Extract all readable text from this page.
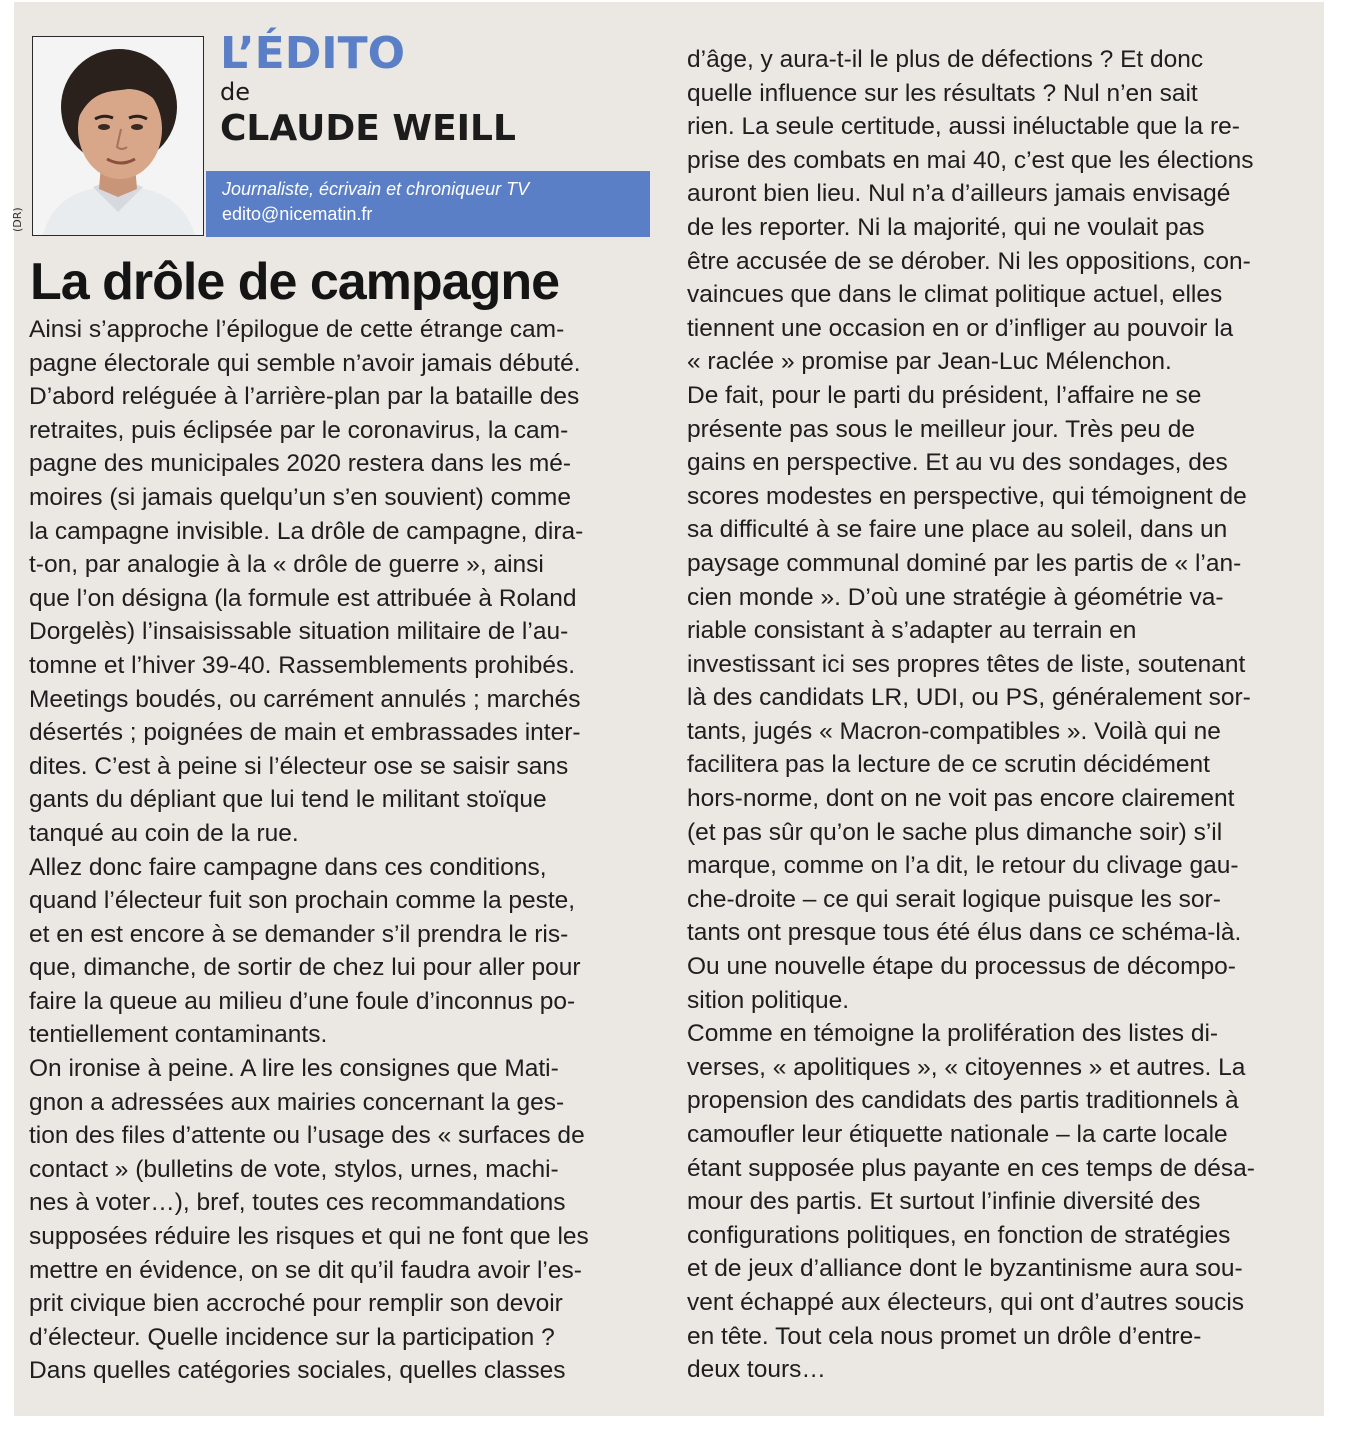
(DR)
L’ÉDITO
de
CLAUDE WEILL
Journaliste, écrivain et chroniqueur TV
edito@nicematin.fr
La drôle de campagne
Ainsi s’approche l’épilogue de cette étrange cam-
pagne électorale qui semble n’avoir jamais débuté.
D’abord reléguée à l’arrière-plan par la bataille des
retraites, puis éclipsée par le coronavirus, la cam-
pagne des municipales 2020 restera dans les mé-
moires (si jamais quelqu’un s’en souvient) comme
la campagne invisible. La drôle de campagne, dira-
t-on, par analogie à la « drôle de guerre », ainsi
que l’on désigna (la formule est attribuée à Roland
Dorgelès) l’insaisissable situation militaire de l’au-
tomne et l’hiver 39-40. Rassemblements prohibés.
Meetings boudés, ou carrément annulés ; marchés
désertés ; poignées de main et embrassades inter-
dites. C’est à peine si l’électeur ose se saisir sans
gants du dépliant que lui tend le militant stoïque
tanqué au coin de la rue.
Allez donc faire campagne dans ces conditions,
quand l’électeur fuit son prochain comme la peste,
et en est encore à se demander s’il prendra le ris-
que, dimanche, de sortir de chez lui pour aller pour
faire la queue au milieu d’une foule d’inconnus po-
tentiellement contaminants.
On ironise à peine. A lire les consignes que Mati-
gnon a adressées aux mairies concernant la ges-
tion des files d’attente ou l’usage des « surfaces de
contact » (bulletins de vote, stylos, urnes, machi-
nes à voter…), bref, toutes ces recommandations
supposées réduire les risques et qui ne font que les
mettre en évidence, on se dit qu’il faudra avoir l’es-
prit civique bien accroché pour remplir son devoir
d’électeur. Quelle incidence sur la participation ?
Dans quelles catégories sociales, quelles classes
d’âge, y aura-t-il le plus de défections ? Et donc
quelle influence sur les résultats ? Nul n’en sait
rien. La seule certitude, aussi inéluctable que la re-
prise des combats en mai 40, c’est que les élections
auront bien lieu. Nul n’a d’ailleurs jamais envisagé
de les reporter. Ni la majorité, qui ne voulait pas
être accusée de se dérober. Ni les oppositions, con-
vaincues que dans le climat politique actuel, elles
tiennent une occasion en or d’infliger au pouvoir la
« raclée » promise par Jean-Luc Mélenchon.
De fait, pour le parti du président, l’affaire ne se
présente pas sous le meilleur jour. Très peu de
gains en perspective. Et au vu des sondages, des
scores modestes en perspective, qui témoignent de
sa difficulté à se faire une place au soleil, dans un
paysage communal dominé par les partis de « l’an-
cien monde ». D’où une stratégie à géométrie va-
riable consistant à s’adapter au terrain en
investissant ici ses propres têtes de liste, soutenant
là des candidats LR, UDI, ou PS, généralement sor-
tants, jugés « Macron-compatibles ». Voilà qui ne
facilitera pas la lecture de ce scrutin décidément
hors-norme, dont on ne voit pas encore clairement
(et pas sûr qu’on le sache plus dimanche soir) s’il
marque, comme on l’a dit, le retour du clivage gau-
che-droite – ce qui serait logique puisque les sor-
tants ont presque tous été élus dans ce schéma-là.
Ou une nouvelle étape du processus de décompo-
sition politique.
Comme en témoigne la prolifération des listes di-
verses, « apolitiques », « citoyennes » et autres. La
propension des candidats des partis traditionnels à
camoufler leur étiquette nationale – la carte locale
étant supposée plus payante en ces temps de désa-
mour des partis. Et surtout l’infinie diversité des
configurations politiques, en fonction de stratégies
et de jeux d’alliance dont le byzantinisme aura sou-
vent échappé aux électeurs, qui ont d’autres soucis
en tête. Tout cela nous promet un drôle d’entre-
deux tours…
